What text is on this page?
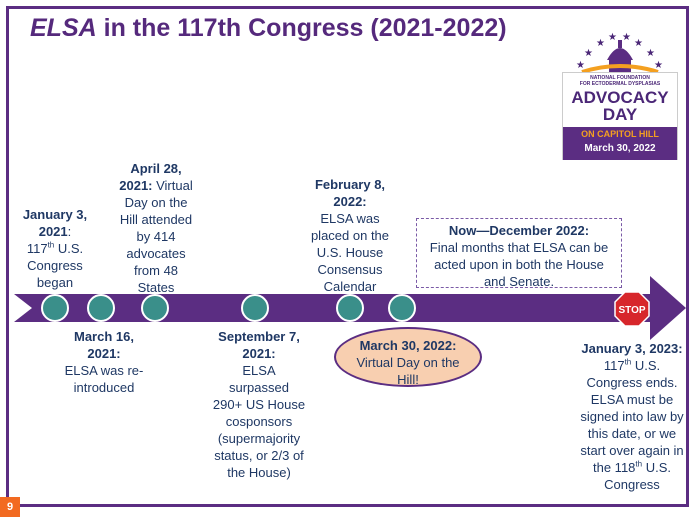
ELSA in the 117th Congress (2021-2022)
★
★
★
★ ★
★
★
★
NATIONAL FOUNDATION
FOR ECTODERMAL DYSPLASIAS
ADVOCACY
DAY
ON CAPITOL HILL
March 30, 2022
STOP
January 3,
2021:
117th U.S.
Congress
began
April 28,
2021: Virtual
Day on the
Hill attended
by 414
advocates
from 48
States
March 16,
2021:
ELSA was re-
introduced
September 7,
2021:
ELSA
surpassed
290+ US House
cosponsors
(supermajority
status, or 2/3 of
the House)
February 8,
2022:
ELSA was
placed on the
U.S. House
Consensus
Calendar
March 30, 2022:
Virtual Day on the
Hill!
Now—December 2022:
Final months that ELSA can be
acted upon in both the House
and Senate.
January 3, 2023:
117th U.S.
Congress ends.
ELSA must be
signed into law by
this date, or we
start over again in
the 118th U.S.
Congress
9
